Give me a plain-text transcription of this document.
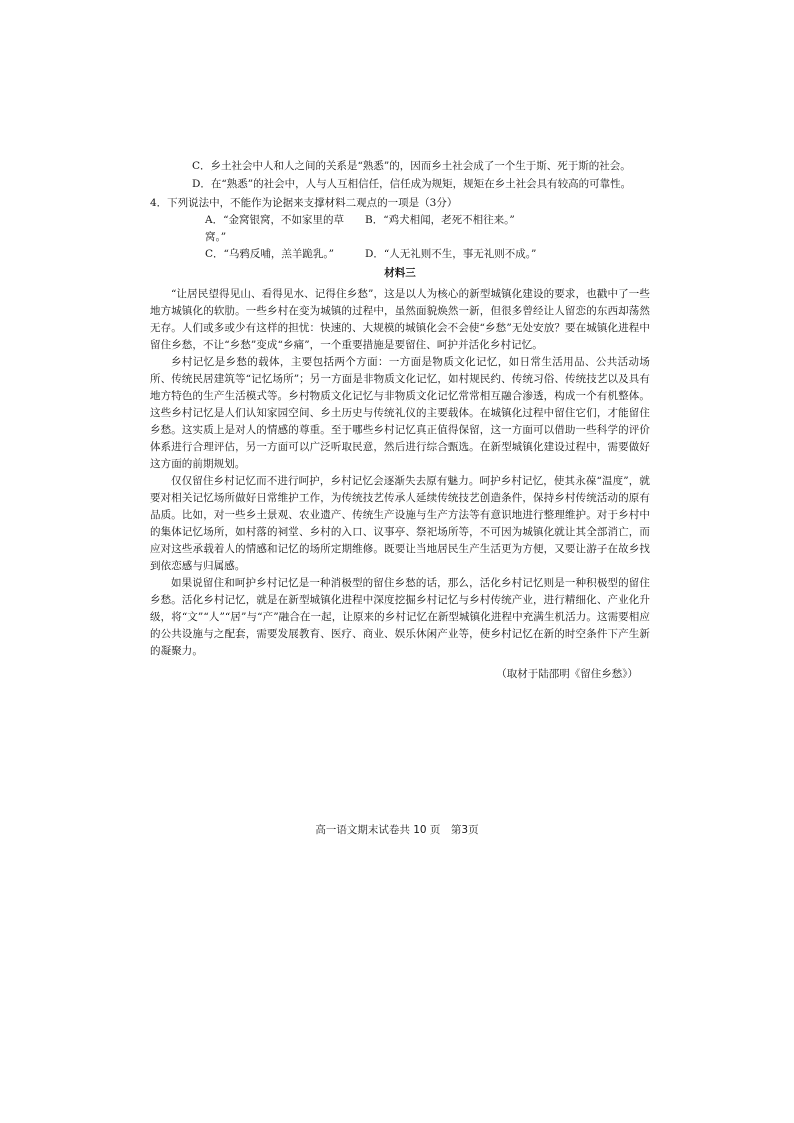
C．乡土社会中人和人之间的关系是“熟悉”的，因而乡土社会成了一个生于斯、死于斯的社会。

D．在“熟悉”的社会中，人与人互相信任，信任成为规矩，规矩在乡土社会具有较高的可靠性。

4．下列说法中，不能作为论据来支撑材料二观点的一项是（3分）

A．“金窝银窝，不如家里的草窝。”
B．“鸡犬相闻，老死不相往来。”
C．“乌鸦反哺，羔羊跪乳。”	D．“人无礼则不生，事无礼则不成。”
材料三

“让居民望得见山、看得见水、记得住乡愁”，这是以人为核心的新型城镇化建设的要求，也戳中了一些地方城镇化的软肋。一些乡村在变为城镇的过程中，虽然面貌焕然一新，但很多曾经让人留恋的东西却荡然无存。人们或多或少有这样的担忧：快速的、大规模的城镇化会不会使“乡愁”无处安放？要在城镇化进程中留住乡愁，不让“乡愁”变成“乡痛”，一个重要措施是要留住、呵护并活化乡村记忆。

乡村记忆是乡愁的载体，主要包括两个方面：一方面是物质文化记忆，如日常生活用品、公共活动场所、传统民居建筑等“记忆场所”；另一方面是非物质文化记忆，如村规民约、传统习俗、传统技艺以及具有地方特色的生产生活模式等。乡村物质文化记忆与非物质文化记忆常常相互融合渗透，构成一个有机整体。这些乡村记忆是人们认知家园空间、乡土历史与传统礼仪的主要载体。在城镇化过程中留住它们，才能留住乡愁。这实质上是对人的情感的尊重。至于哪些乡村记忆真正值得保留，这一方面可以借助一些科学的评价体系进行合理评估，另一方面可以广泛听取民意，然后进行综合甄选。在新型城镇化建设过程中，需要做好这方面的前期规划。

仅仅留住乡村记忆而不进行呵护，乡村记忆会逐渐失去原有魅力。呵护乡村记忆，使其永葆“温度”，就要对相关记忆场所做好日常维护工作，为传统技艺传承人延续传统技艺创造条件，保持乡村传统活动的原有品质。比如，对一些乡土景观、农业遗产、传统生产设施与生产方法等有意识地进行整理维护。对于乡村中的集体记忆场所，如村落的祠堂、乡村的入口、议事亭、祭祀场所等，不可因为城镇化就让其全部消亡，而应对这些承载着人的情感和记忆的场所定期维修。既要让当地居民生产生活更为方便，又要让游子在故乡找到依恋感与归属感。

如果说留住和呵护乡村记忆是一种消极型的留住乡愁的话，那么，活化乡村记忆则是一种积极型的留住乡愁。活化乡村记忆，就是在新型城镇化进程中深度挖掘乡村记忆与乡村传统产业，进行精细化、产业化升级，将“文”“人”“居”与“产”融合在一起，让原来的乡村记忆在新型城镇化进程中充满生机活力。这需要相应的公共设施与之配套，需要发展教育、医疗、商业、娱乐休闲产业等，使乡村记忆在新的时空条件下产生新的凝聚力。

（取材于陆邵明《留住乡愁》）
高一语文期末试卷共 10 页　第3页
